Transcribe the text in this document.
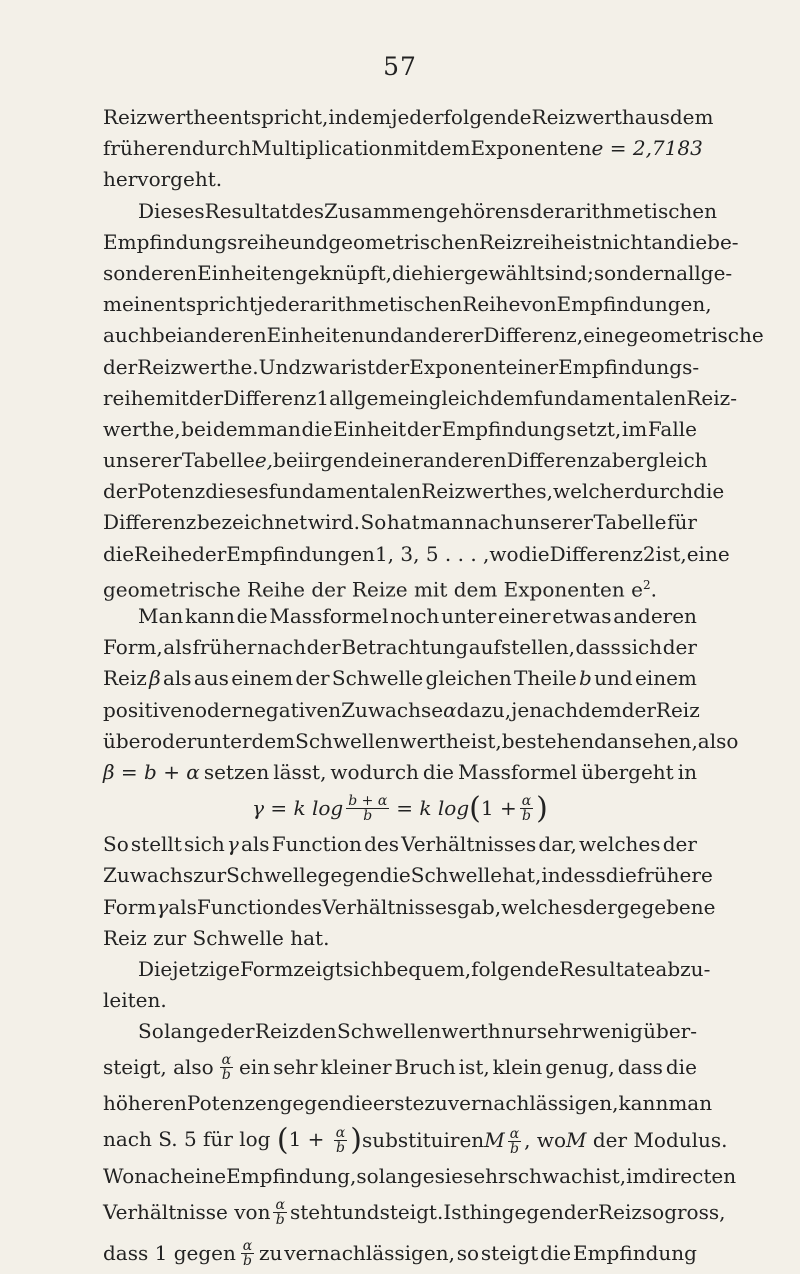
57
Reizwerthe entspricht, indem jeder folgende Reizwerth aus dem
früheren durch Multiplication mit dem Exponenten e = 2,7183
hervorgeht.
Dieses Resultat des Zusammengehörens der arithmetischen
Empfindungsreihe und geometrischen Reizreihe ist nicht an die be-
sonderen Einheiten geknüpft, die hier gewählt sind; sondern allge-
mein entspricht jeder arithmetischen Reihe von Empfindungen,
auch bei anderen Einheiten und anderer Differenz, eine geometrische
der Reizwerthe. Und zwar ist der Exponent einer Empfindungs-
reihe mit der Differenz 1 allgemein gleich dem fundamentalen Reiz-
werthe, bei dem man die Einheit der Empfindung setzt, im Falle
unserer Tabelle e, bei irgend einer anderen Differenz aber gleich
der Potenz dieses fundamentalen Reizwerthes, welcher durch die
Differenz bezeichnet wird. So hat man nach unserer Tabelle für
die Reihe der Empfindungen 1, 3, 5 . . . , wo die Differenz 2 ist, eine
geometrische Reihe der Reize mit dem Exponenten $e^2$.
Man kann die Massformel noch unter einer etwas anderen
Form, als früher nach der Betrachtung aufstellen, dass sich der
Reiz β als aus einem der Schwelle gleichen Theile b und einem
positiven oder negativen Zuwachse α dazu, je nachdem der Reiz
über oder unter dem Schwellenwerthe ist, bestehend ansehen, also
β = b + α setzen lässt, wodurch die Massformel übergeht in
γ = k $\log \frac{b + \alpha}{b} = k$ log ( $1 + \frac{\alpha}{b}$ )
So stellt sich γ als Function des Verhältnisses dar, welches der
Zuwachs zur Schwelle gegen die Schwelle hat, indess die frühere
Form γ als Function des Verhältnisses gab, welches der gegebene
Reiz zur Schwelle hat.
Die jetzige Form zeigt sich bequem, folgende Resultate abzu-
leiten.
So lange der Reiz den Schwellenwerth nur sehr wenig über-
steigt, also $\frac{\alpha}{b}$ ein sehr kleiner Bruch ist, klein genug, dass die
höheren Potenzen gegen die erste zu vernachlässigen, kann man
nach S. 5 für $\log (1 + \frac{\alpha}{b}$ ) substituiren M $\frac{\alpha}{b}$ , wo M der Modulus.
Wonach eine Empfindung, so lange sie sehr schwach ist, im directen
Verhältnisse von $\frac{\alpha}{b}$ steht und steigt. Ist hingegen der Reiz so gross,
dass 1 gegen $\frac{\alpha}{b}$ zu vernachlässigen, so steigt die Empfindung
